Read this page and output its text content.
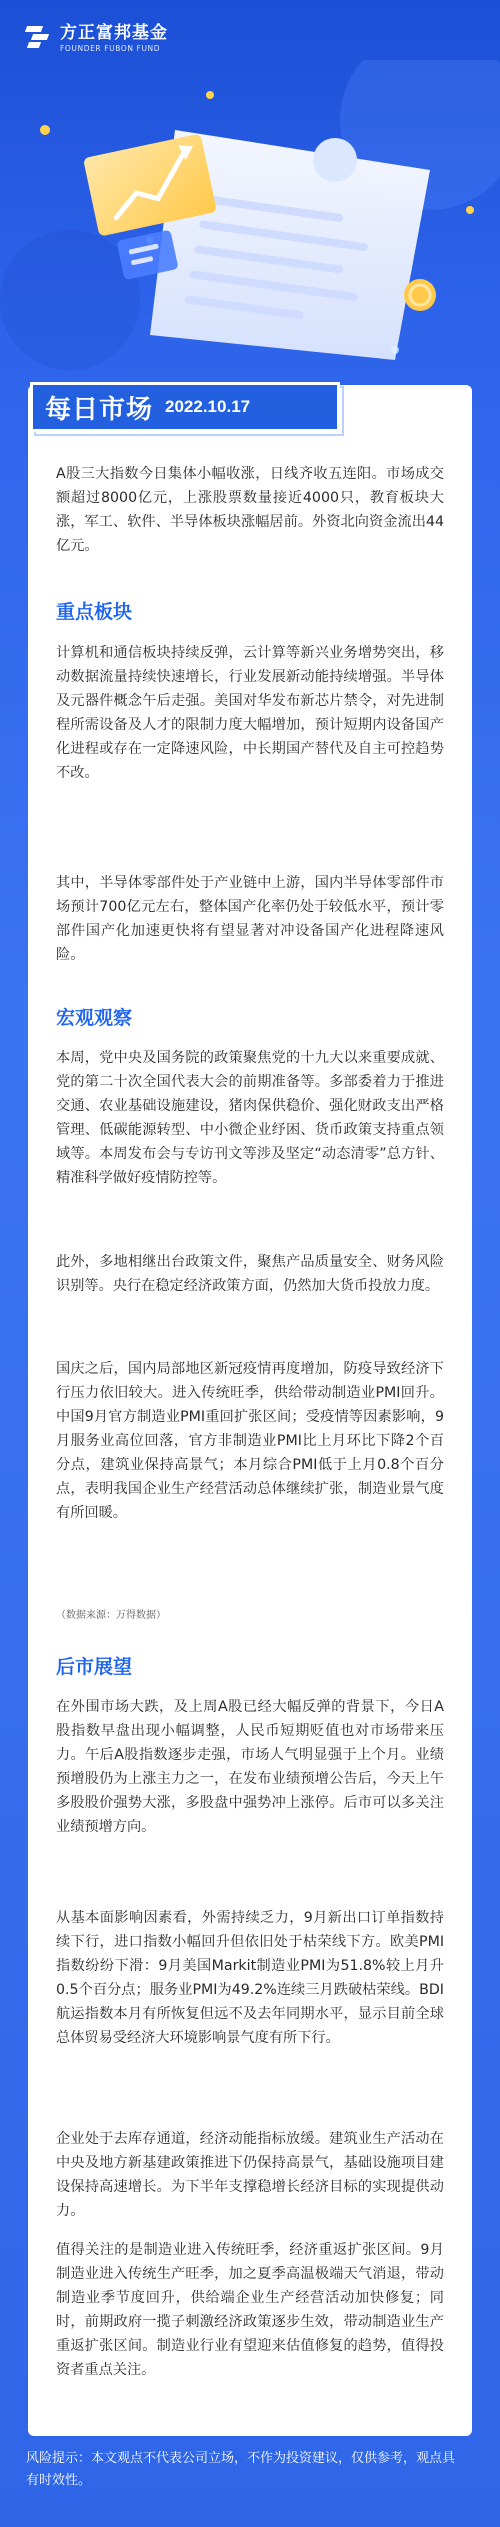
方正富邦基金
FOUNDER FUBON FUND
每日市场 2022.10.17

A股三大指数今日集体小幅收涨，日线齐收五连阳。市场成交额超过8000亿元，上涨股票数量接近4000只，教育板块大涨，军工、软件、半导体板块涨幅居前。外资北向资金流出44亿元。

重点板块

计算机和通信板块持续反弹，云计算等新兴业务增势突出，移动数据流量持续快速增长，行业发展新动能持续增强。半导体及元器件概念午后走强。美国对华发布新芯片禁令，对先进制程所需设备及人才的限制力度大幅增加，预计短期内设备国产化进程或存在一定降速风险，中长期国产替代及自主可控趋势不改。

其中，半导体零部件处于产业链中上游，国内半导体零部件市场预计700亿元左右，整体国产化率仍处于较低水平，预计零部件国产化加速更快将有望显著对冲设备国产化进程降速风险。

宏观观察

本周，党中央及国务院的政策聚焦党的十九大以来重要成就、党的第二十次全国代表大会的前期准备等。多部委着力于推进交通、农业基础设施建设，猪肉保供稳价、强化财政支出严格管理、低碳能源转型、中小微企业纾困、货币政策支持重点领域等。本周发布会与专访刊文等涉及坚定“动态清零”总方针、精准科学做好疫情防控等。

此外，多地相继出台政策文件，聚焦产品质量安全、财务风险识别等。央行在稳定经济政策方面，仍然加大货币投放力度。

国庆之后，国内局部地区新冠疫情再度增加，防疫导致经济下行压力依旧较大。进入传统旺季，供给带动制造业PMI回升。中国9月官方制造业PMI重回扩张区间；受疫情等因素影响，9月服务业高位回落，官方非制造业PMI比上月环比下降2个百分点，建筑业保持高景气；本月综合PMI低于上月0.8个百分点，表明我国企业生产经营活动总体继续扩张，制造业景气度有所回暖。

（数据来源：万得数据）
后市展望

在外围市场大跌，及上周A股已经大幅反弹的背景下，今日A股指数早盘出现小幅调整，人民币短期贬值也对市场带来压力。午后A股指数逐步走强，市场人气明显强于上个月。业绩预增股仍为上涨主力之一，在发布业绩预增公告后，今天上午多股股价强势大涨，多股盘中强势冲上涨停。后市可以多关注业绩预增方向。

从基本面影响因素看，外需持续乏力，9月新出口订单指数持续下行，进口指数小幅回升但依旧处于枯荣线下方。欧美PMI指数纷纷下滑：9月美国Markit制造业PMI为51.8%较上月升0.5个百分点；服务业PMI为49.2%连续三月跌破枯荣线。BDI航运指数本月有所恢复但远不及去年同期水平，显示目前全球总体贸易受经济大环境影响景气度有所下行。

企业处于去库存通道，经济动能指标放缓。建筑业生产活动在中央及地方新基建政策推进下仍保持高景气，基础设施项目建设保持高速增长。为下半年支撑稳增长经济目标的实现提供动力。

值得关注的是制造业进入传统旺季，经济重返扩张区间。9月制造业进入传统生产旺季，加之夏季高温极端天气消退，带动制造业季节度回升，供给端企业生产经营活动加快修复；同时，前期政府一揽子刺激经济政策逐步生效，带动制造业生产重返扩张区间。制造业行业有望迎来估值修复的趋势，值得投资者重点关注。

风险提示：本文观点不代表公司立场，不作为投资建议，仅供参考，观点具有时效性。
